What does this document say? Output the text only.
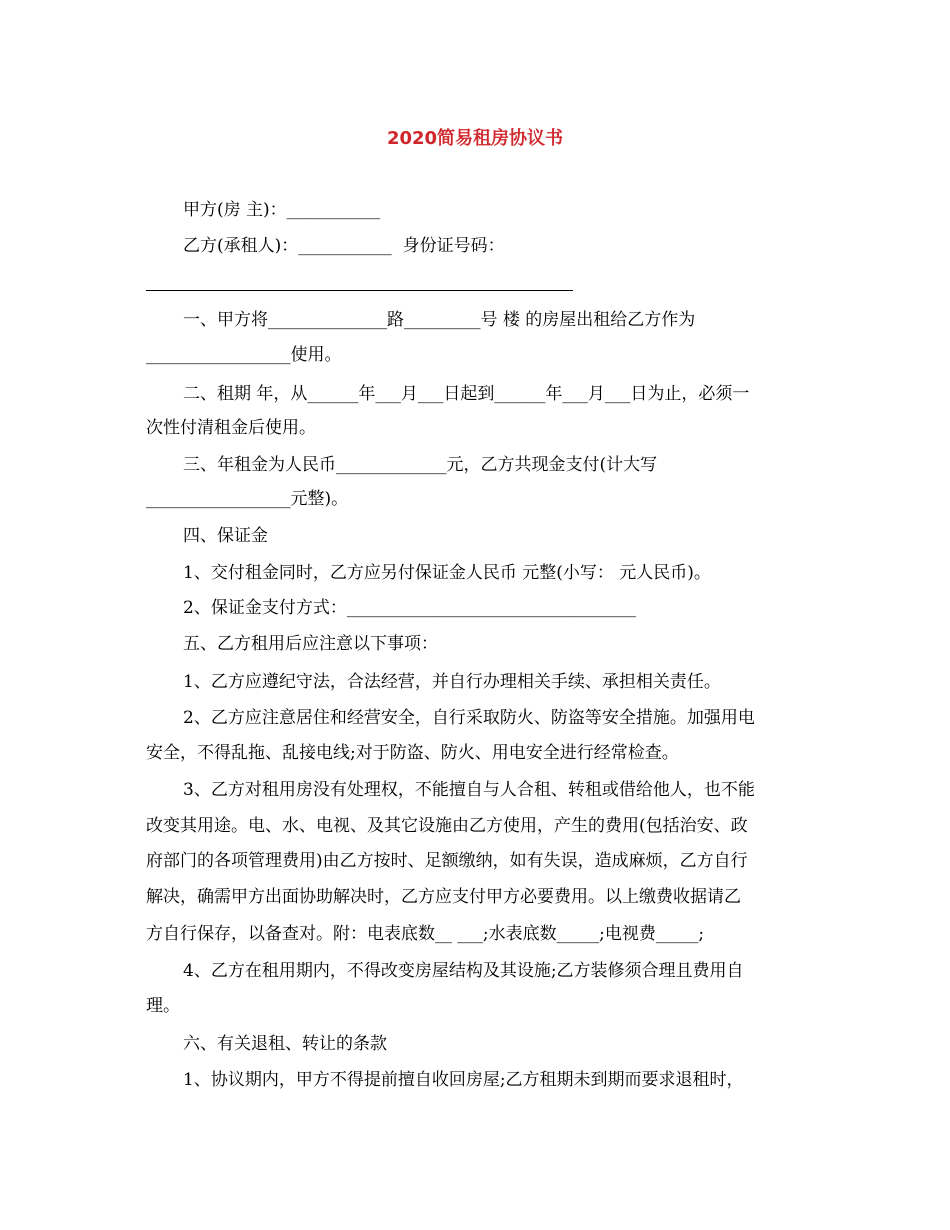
2020简易租房协议书
甲方(房 主)：___________
乙方(承租人)：___________  身份证号码：
一、甲方将______________路_________号 楼 的房屋出租给乙方作为
_________________使用。
二、租期 年，从______年___月___日起到______年___月___日为止，必须一
次性付清租金后使用。
三、年租金为人民币_____________元，乙方共现金支付(计大写
_________________元整)。
四、保证金
1、交付租金同时，乙方应另付保证金人民币 元整(小写： 元人民币)。
2、保证金支付方式：__________________________________
五、乙方租用后应注意以下事项：
1、乙方应遵纪守法，合法经营，并自行办理相关手续、承担相关责任。
2、乙方应注意居住和经营安全，自行采取防火、防盗等安全措施。加强用电
安全，不得乱拖、乱接电线;对于防盗、防火、用电安全进行经常检查。
3、乙方对租用房没有处理权，不能擅自与人合租、转租或借给他人，也不能
改变其用途。电、水、电视、及其它设施由乙方使用，产生的费用(包括治安、政
府部门的各项管理费用)由乙方按时、足额缴纳，如有失误，造成麻烦，乙方自行
解决，确需甲方出面协助解决时，乙方应支付甲方必要费用。以上缴费收据请乙
方自行保存，以备查对。附：电表底数__ ___;水表底数_____;电视费_____;
4、乙方在租用期内，不得改变房屋结构及其设施;乙方装修须合理且费用自
理。
六、有关退租、转让的条款
1、协议期内，甲方不得提前擅自收回房屋;乙方租期未到期而要求退租时，
